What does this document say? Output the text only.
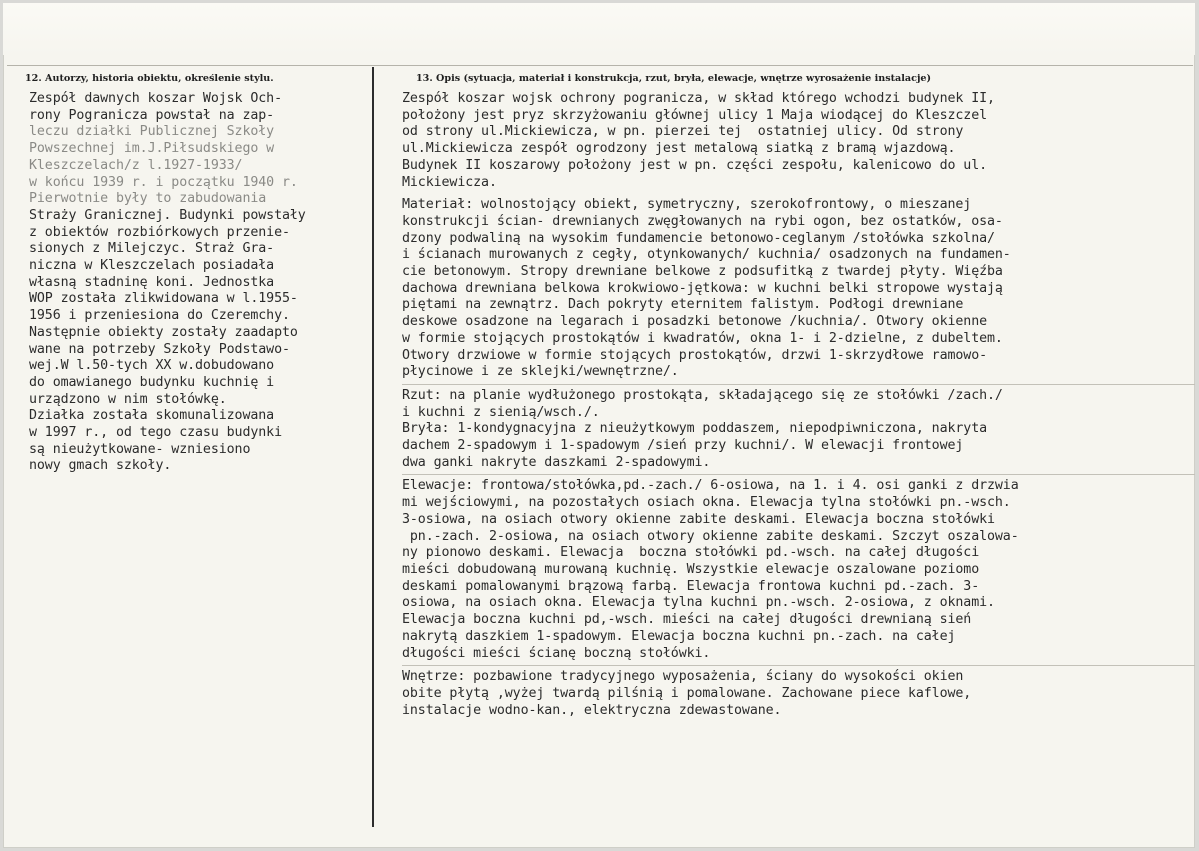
12. Autorzy, historia obiektu, określenie stylu.	13. Opis (sytuacja, materiał i konstrukcja, rzut, bryła, elewacje, wnętrze wyrosażenie instalacje)
Zespół dawnych koszar Wojsk Och-
rony Pogranicza powstał na zap-
leczu działki Publicznej Szkoły
Powszechnej im.J.Piłsudskiego w
Kleszczelach/z l.1927-1933/
w końcu 1939 r. i początku 1940 r.
Pierwotnie były to zabudowania
Straży Granicznej. Budynki powstały
z obiektów rozbiórkowych przenie-
sionych z Milejczyc. Straż Gra-
niczna w Kleszczelach posiadała
własną stadninę koni. Jednostka
WOP została zlikwidowana w l.1955-
1956 i przeniesiona do Czeremchy.
Następnie obiekty zostały zaadapto
wane na potrzeby Szkoły Podstawo-
wej.W l.50-tych XX w.dobudowano
do omawianego budynku kuchnię i
urządzono w nim stołówkę.
Działka została skomunalizowana
w 1997 r., od tego czasu budynki
są nieużytkowane- wzniesiono
nowy gmach szkoły.
Zespół koszar wojsk ochrony pogranicza, w skład którego wchodzi budynek II,
położony jest pryz skrzyżowaniu głównej ulicy 1 Maja wiodącej do Kleszczel
od strony ul.Mickiewicza, w pn. pierzei tej  ostatniej ulicy. Od strony
ul.Mickiewicza zespół ogrodzony jest metalową siatką z bramą wjazdową.
Budynek II koszarowy położony jest w pn. części zespołu, kalenicowo do ul.
Mickiewicza.
Materiał: wolnostojący obiekt, symetryczny, szerokofrontowy, o mieszanej
konstrukcji ścian- drewnianych zwęgłowanych na rybi ogon, bez ostatków, osa-
dzony podwaliną na wysokim fundamencie betonowo-ceglanym /stołówka szkolna/
i ścianach murowanych z cegły, otynkowanych/ kuchnia/ osadzonych na fundamen-
cie betonowym. Stropy drewniane belkowe z podsufitką z twardej płyty. Więźba
dachowa drewniana belkowa krokwiowo-jętkowa: w kuchni belki stropowe wystają
piętami na zewnątrz. Dach pokryty eternitem falistym. Podłogi drewniane
deskowe osadzone na legarach i posadzki betonowe /kuchnia/. Otwory okienne
w formie stojących prostokątów i kwadratów, okna 1- i 2-dzielne, z dubeltem.
Otwory drzwiowe w formie stojących prostokątów, drzwi 1-skrzydłowe ramowo-
płycinowe i ze sklejki/wewnętrzne/.
Rzut: na planie wydłużonego prostokąta, składającego się ze stołówki /zach./
i kuchni z sienią/wsch./.
Bryła: 1-kondygnacyjna z nieużytkowym poddaszem, niepodpiwniczona, nakryta
dachem 2-spadowym i 1-spadowym /sień przy kuchni/. W elewacji frontowej
dwa ganki nakryte daszkami 2-spadowymi.
Elewacje: frontowa/stołówka,pd.-zach./ 6-osiowa, na 1. i 4. osi ganki z drzwia
mi wejściowymi, na pozostałych osiach okna. Elewacja tylna stołówki pn.-wsch.
3-osiowa, na osiach otwory okienne zabite deskami. Elewacja boczna stołówki
pn.-zach. 2-osiowa, na osiach otwory okienne zabite deskami. Szczyt oszalowa-
ny pionowo deskami. Elewacja  boczna stołówki pd.-wsch. na całej długości
mieści dobudowaną murowaną kuchnię. Wszystkie elewacje oszalowane poziomo
deskami pomalowanymi brązową farbą. Elewacja frontowa kuchni pd.-zach. 3-
osiowa, na osiach okna. Elewacja tylna kuchni pn.-wsch. 2-osiowa, z oknami.
Elewacja boczna kuchni pd,-wsch. mieści na całej długości drewnianą sień
nakrytą daszkiem 1-spadowym. Elewacja boczna kuchni pn.-zach. na całej
długości mieści ścianę boczną stołówki.
Wnętrze: pozbawione tradycyjnego wyposażenia, ściany do wysokości okien
obite płytą ,wyżej twardą pilśnią i pomalowane. Zachowane piece kaflowe,
instalacje wodno-kan., elektryczna zdewastowane.
